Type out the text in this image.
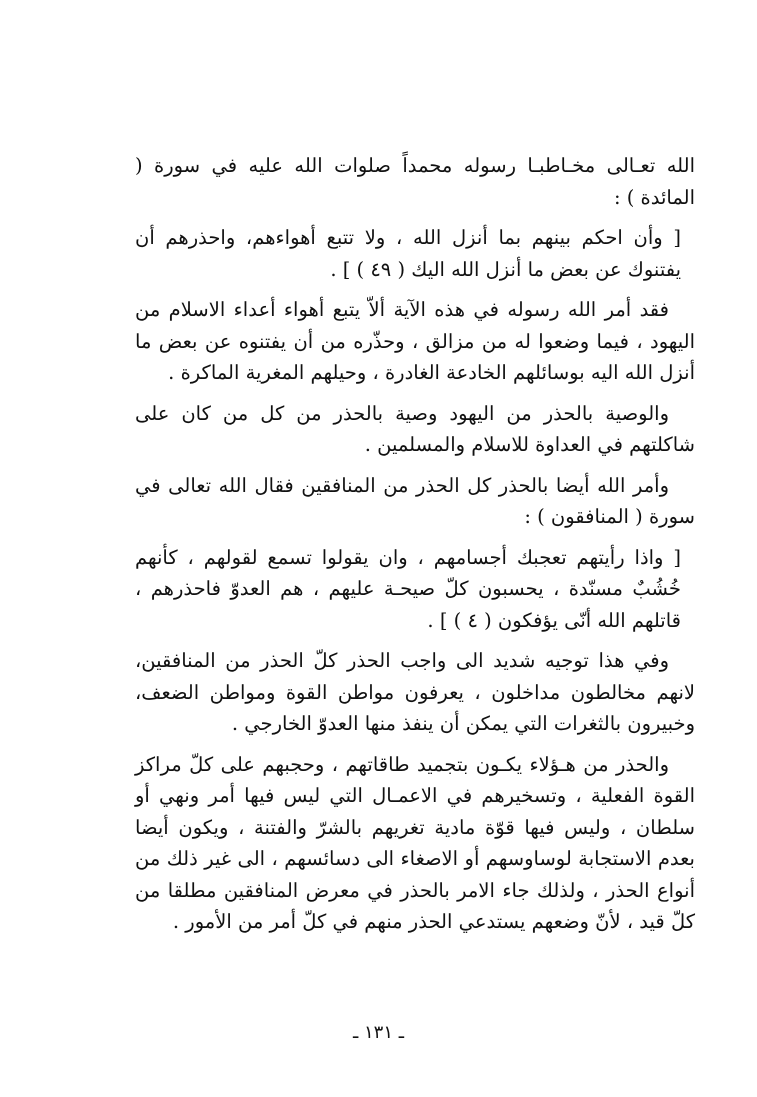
الله تعـالى مخـاطبـا رسوله محمداً صلوات الله عليه في سورة ( المائدة ) :

[ وأن احكم بينهم بما أنزل الله ، ولا تتبع أهواءهم، واحذرهم أن يفتنوك عن بعض ما أنزل الله اليك ( ٤٩ ) ] .

فقد أمر الله رسوله في هذه الآية ألاّ يتبع أهواء أعداء الاسلام من اليهود ، فيما وضعوا له من مزالق ، وحذّره من أن يفتنوه عن بعض ما أنزل الله اليه بوسائلهم الخادعة الغادرة ، وحيلهم المغرية الماكرة .

والوصية بالحذر من اليهود وصية بالحذر من كل من كان على شاكلتهم في العداوة للاسلام والمسلمين .

وأمر الله أيضا بالحذر كل الحذر من المنافقين فقال الله تعالى في سورة ( المنافقون ) :

[ واذا رأيتهم تعجبك أجسامهم ، وان يقولوا تسمع لقولهم ، كأنهم خُشُبٌ مسنّدة ، يحسبون كلّ صيحـة عليهم ، هم العدوّ فاحذرهم ، قاتلهم الله أنّى يؤفكون ( ٤ ) ] .

وفي هذا توجيه شديد الى واجب الحذر كلّ الحذر من المنافقين، لانهم مخالطون مداخلون ، يعرفون مواطن القوة ومواطن الضعف، وخبيرون بالثغرات التي يمكن أن ينفذ منها العدوّ الخارجي .

والحذر من هـؤلاء يكـون بتجميد طاقاتهم ، وحجبهم على كلّ مراكز القوة الفعلية ، وتسخيرهم في الاعمـال التي ليس فيها أمر ونهي أو سلطان ، وليس فيها قوّة مادية تغريهم بالشرّ والفتنة ، ويكون أيضا بعدم الاستجابة لوساوسهم أو الاصغاء الى دسائسهم ، الى غير ذلك من أنواع الحذر ، ولذلك جاء الامر بالحذر في معرض المنافقين مطلقا من كلّ قيد ، لأنّ وضعهم يستدعي الحذر منهم في كلّ أمر من الأمور .

ـ ١٣١ ـ
